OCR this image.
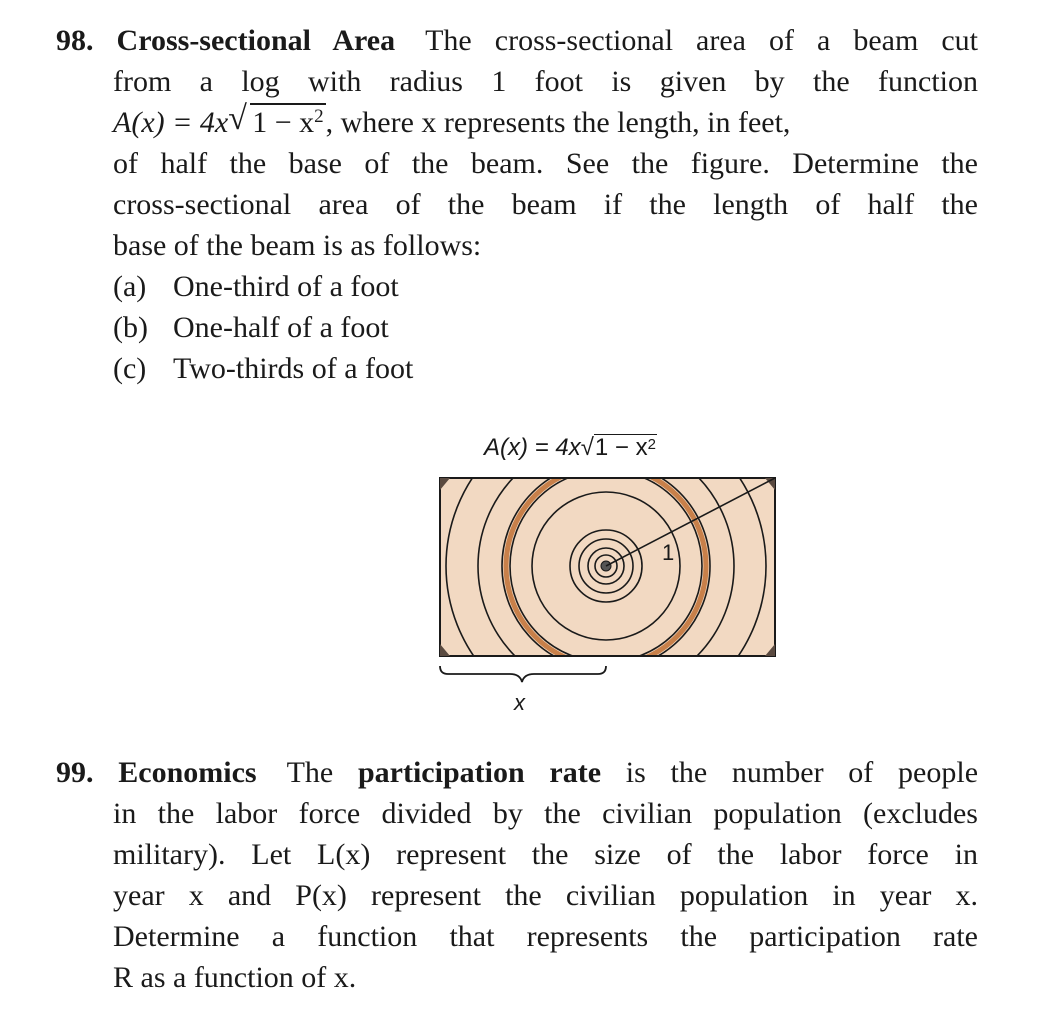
98. Cross-sectional Area The cross-sectional area of a beam cut
from a log with radius 1 foot is given by the function
A(x) = 4x √ $1 - x^2$, where x represents the length, in feet,
of half the base of the beam. See the figure. Determine the
cross-sectional area of the beam if the length of half the
base of the beam is as follows:
(a) One-third of a foot
(b) One-half of a foot
(c) Two-thirds of a foot
$A(x) = 4x√1 - x^2$
1
x
99. Economics The participation rate is the number of people
in the labor force divided by the civilian population (excludes
military). Let L(x) represent the size of the labor force in
year x and P(x) represent the civilian population in year x.
Determine a function that represents the participation rate
R as a function of x.
